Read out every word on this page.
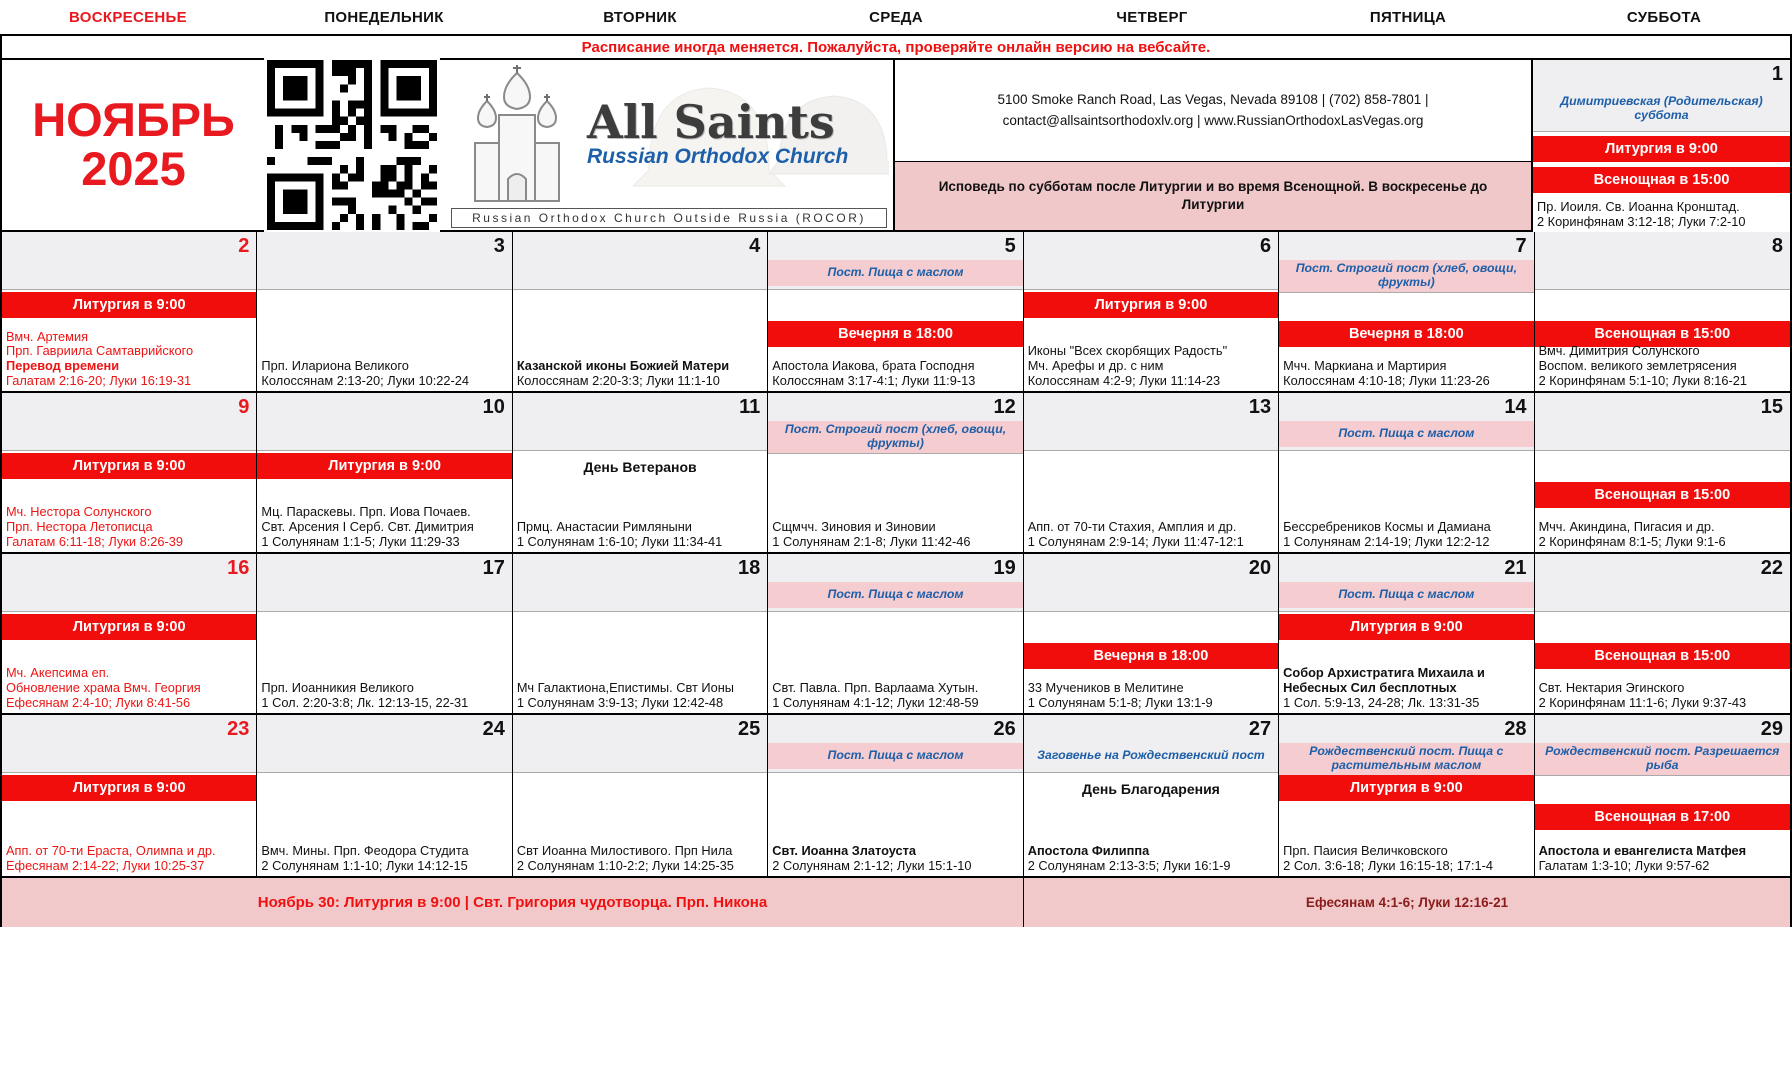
ВОСКРЕСЕНЬЕ	ПОНЕДЕЛЬНИК	ВТОРНИК	СРЕДА	ЧЕТВЕРГ	ПЯТНИЦА	СУББОТА
Расписание иногда меняется. Пожалуйста, проверяйте онлайн версию на вебсайте.
НОЯБРЬ
2025
All Saints
Russian Orthodox Church
Russian Orthodox Church Outside Russia (ROCOR)
5100 Smoke Ranch Road, Las Vegas, Nevada 89108 | (702) 858-7801 |
contact@allsaintsorthodoxlv.org | www.RussianOrthodoxLasVegas.org
Исповедь по субботам после Литургии и во время Всенощной. В воскресенье до Литургии
1
Димитриевская (Родительская) суббота
Литургия в 9:00
Всенощная в 15:00
Пр. Иоиля. Св. Иоанна Кронштад.
2 Коринфянам 3:12-18; Луки 7:2-10
2
Литургия в 9:00
Вмч. Артемия
Прп. Гавриила Самтаврийского
Перевод времени
Галатам 2:16-20; Луки 16:19-31
3
Прп. Илариона Великого
Колоссянам 2:13-20; Луки 10:22-24
4
Казанской иконы Божией Матери
Колоссянам 2:20-3:3; Луки 11:1-10
5
Пост. Пища с маслом
Вечерня в 18:00
Апостола Иакова, брата Господня
Колоссянам 3:17-4:1; Луки 11:9-13
6
Литургия в 9:00
Иконы "Всех скорбящих Радость"
Мч. Арефы и др. с ним
Колоссянам 4:2-9; Луки 11:14-23
7
Пост. Строгий пост (хлеб, овощи, фрукты)
Вечерня в 18:00
Мчч. Маркиана и Мартирия
Колоссянам 4:10-18; Луки 11:23-26
8
Всенощная в 15:00
Вмч. Димитрия Солунского
Воспом. великого землетрясения
2 Коринфянам 5:1-10; Луки 8:16-21
9
Литургия в 9:00
Мч. Нестора Солунского
Прп. Нестора Летописца
Галатам 6:11-18; Луки 8:26-39
10
Литургия в 9:00
Мц. Параскевы. Прп. Иова Почаев.
Свт. Арсения I Серб. Свт. Димитрия
1 Солунянам 1:1-5; Луки 11:29-33
11
День Ветеранов
Прмц. Анастасии Римляныни
1 Солунянам 1:6-10; Луки 11:34-41
12
Пост. Строгий пост (хлеб, овощи, фрукты)
Сщмчч. Зиновия и Зиновии
1 Солунянам 2:1-8; Луки 11:42-46
13
Апп. от 70-ти Стахия, Амплия и др.
1 Солунянам 2:9-14; Луки 11:47-12:1
14
Пост. Пища с маслом
Бессребреников Космы и Дамиана
1 Солунянам 2:14-19; Луки 12:2-12
15
Всенощная в 15:00
Мчч. Акиндина, Пигасия и др.
2 Коринфянам 8:1-5; Луки 9:1-6
16
Литургия в 9:00
Мч. Акепсима еп.
Обновление храма Вмч. Георгия
Ефесянам 2:4-10; Луки 8:41-56
17
Прп. Иоанникия Великого
1 Сол. 2:20-3:8; Лк. 12:13-15, 22-31
18
Мч Галактиона,Епистимы. Свт Ионы
1 Солунянам 3:9-13; Луки 12:42-48
19
Пост. Пища с маслом
Свт. Павла. Прп. Варлаама Хутын.
1 Солунянам 4:1-12; Луки 12:48-59
20
Вечерня в 18:00
33 Мучеников в Мелитине
1 Солунянам 5:1-8; Луки 13:1-9
21
Пост. Пища с маслом
Литургия в 9:00
Собор Архистратига Михаила и
Небесных Сил бесплотных
1 Сол. 5:9-13, 24-28; Лк. 13:31-35
22
Всенощная в 15:00
Свт. Нектария Эгинского
2 Коринфянам 11:1-6; Луки 9:37-43
23
Литургия в 9:00
Апп. от 70-ти Ераста, Олимпа и др.
Ефесянам 2:14-22; Луки 10:25-37
24
Вмч. Мины. Прп. Феодора Студита
2 Солунянам 1:1-10; Луки 14:12-15
25
Свт Иоанна Милостивого. Прп Нила
2 Солунянам 1:10-2:2; Луки 14:25-35
26
Пост. Пища с маслом
Свт. Иоанна Златоуста
2 Солунянам 2:1-12; Луки 15:1-10
27
Заговенье на Рождественский пост
День Благодарения
Апостола Филиппа
2 Солунянам 2:13-3:5; Луки 16:1-9
28
Рождественский пост. Пища с растительным маслом
Литургия в 9:00
Прп. Паисия Величковского
2 Сол. 3:6-18; Луки 16:15-18; 17:1-4
29
Рождественский пост. Разрешается рыба
Всенощная в 17:00
Апостола и евангелиста Матфея
Галатам 1:3-10; Луки 9:57-62
Ноябрь 30: Литургия в 9:00 | Свт. Григория чудотворца. Прп. Никона	Ефесянам 4:1-6; Луки 12:16-21
